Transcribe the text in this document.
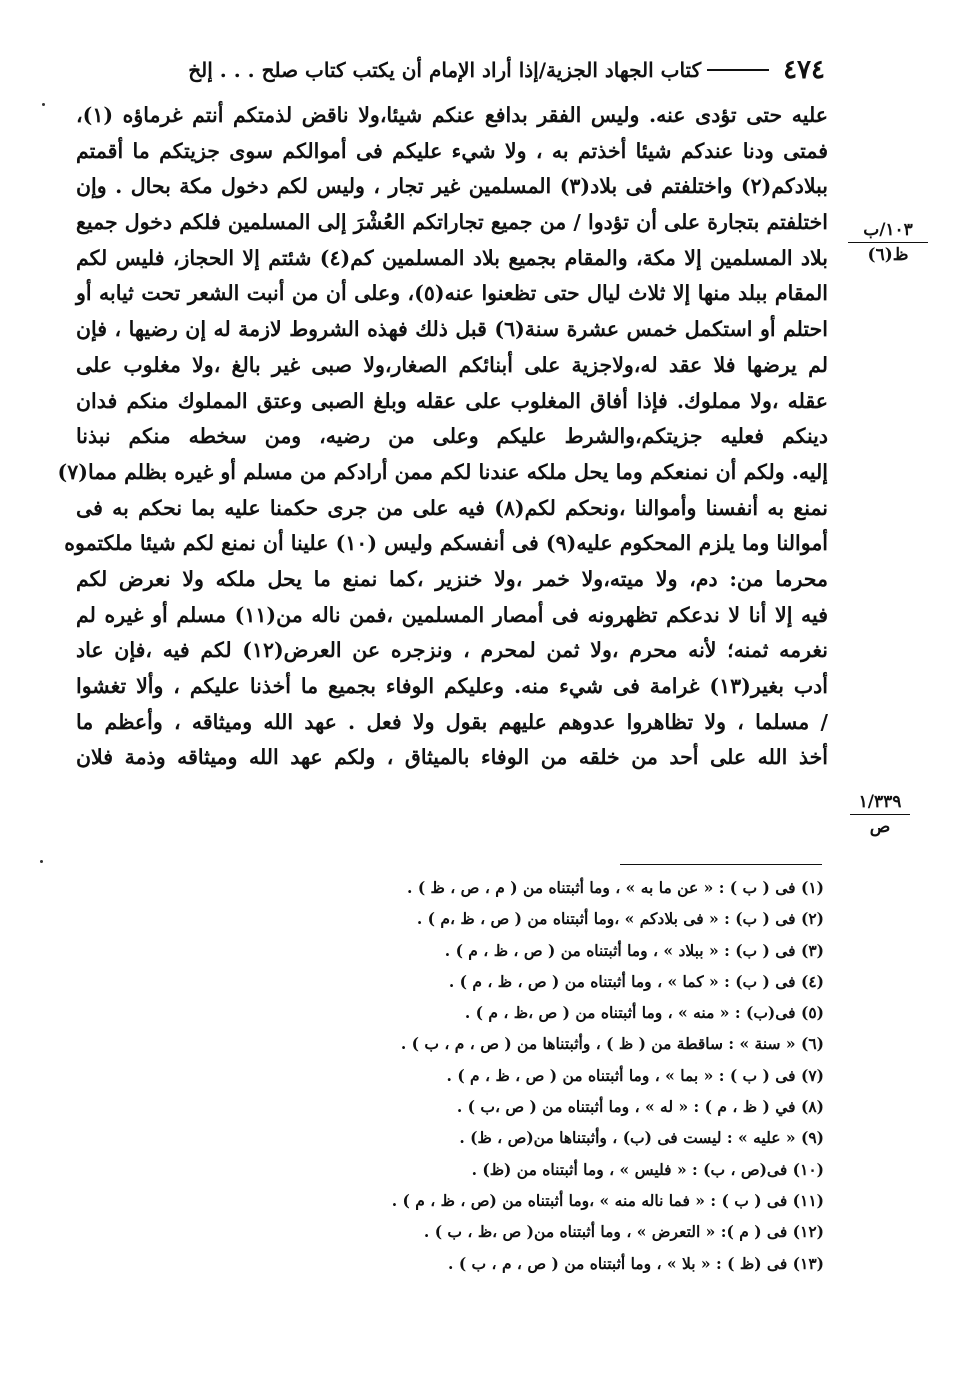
٤٧٤
كتاب الجهاد الجزية/إذا أراد الإمام أن يكتب كتاب صلح . . . إلخ
عليه حتى تؤدى عنه. وليس الفقر بدافع عنكم شيئا،ولا ناقض لذمتكم أنتم غرماؤه (١)،
فمتى ودنا عندكم شيئا أخذتم به ، ولا شيء عليكم فى أموالكم سوى جزيتكم ما أقمتم
ببلادكم(٢) واختلفتم فى بلاد(٣) المسلمين غير تجار ، وليس لكم دخول مكة بحال . وإن
اختلفتم بتجارة على أن تؤدوا / من جميع تجاراتكم العُشْرَ إلى المسلمين فلكم دخول جميع
بلاد المسلمين إلا مكة، والمقام بجميع بلاد المسلمين كم(٤) شئتم إلا الحجاز، فليس لكم
المقام ببلد منها إلا ثلاث ليال حتى تظعنوا عنه(٥)، وعلى أن من أنبت الشعر تحت ثيابه أو
احتلم أو استكمل خمس عشرة سنة(٦) قبل ذلك فهذه الشروط لازمة له إن رضيها ، فإن
لم يرضها فلا عقد له،ولاجزية على أبنائكم الصغار،ولا صبى غير بالغ ،ولا مغلوب على
عقله ،ولا مملوك. فإذا أفاق المغلوب على عقله وبلغ الصبى وعتق المملوك منكم فدان
دينكم فعليه جزيتكم،والشرط عليكم وعلى من رضيه، ومن سخطه منكم نبذنا
إليه. ولكم أن نمنعكم وما يحل ملكه عندنا لكم ممن أرادكم من مسلم أو غيره بظلم مما(٧)
نمنع به أنفسنا وأموالنا ،ونحكم لكم(٨) فيه على من جرى حكمنا عليه بما نحكم به فى
أموالنا وما يلزم المحكوم عليه(٩) فى أنفسكم وليس (١٠) علينا أن نمنع لكم شيئا ملكتموه
محرما من: دم، ولا ميته،ولا خمر ،ولا خنزير ،كما نمنع ما يحل ملكه ولا نعرض لكم
فيه إلا أنا لا ندعكم تظهرونه فى أمصار المسلمين ،فمن ناله من(١١) مسلم أو غيره لم
نغرمه ثمنه؛ لأنه محرم ،ولا ثمن لمحرم ، ونزجره عن العرض(١٢) لكم فيه ،فإن عاد
أدب بغير(١٣) غرامة فى شيء منه. وعليكم الوفاء بجميع ما أخذنا عليكم ، وألا تغشوا
/ مسلما ، ولا تظاهروا عدوهم عليهم بقول ولا فعل . عهد الله وميثاقه ، وأعظم ما
أخذ الله على أحد من خلقه من الوفاء بالميثاق ، ولكم عهد الله وميثاقه وذمة فلان
١٠٣/ب
ظ(٦)
١/٣٣٩
ص
(١) فى ( ب ) : « عن ما به » ، وما أثبتناه من ( م ، ص ، ظ ) .
(٢) فى ( ب) : « فى بلادكم » ،وما أثبتناه من ( ص ، ظ ،م ) .
(٣) فى ( ب) : « ببلاد » ، وما أثبتناه من ( ص ، ظ ، م ) .
(٤) فى ( ب) : « كما » ، وما أثبتناه من ( ص ، ظ ، م ) .
(٥) فى(ب) : « منه » ، وما أثبتناه من ( ص ،ظ ، م ) .
(٦) « سنة » : ساقطة من ( ظ ) ، وأثبتناها من ( ص ، م ، ب ) .
(٧) فى ( ب ) : « بما » ، وما أثبتناه من ( ص ، ظ ، م ) .
(٨) في ( ظ ، م ) : « له » ، وما أثبتناه من ( ص ،ب ) .
(٩) « عليه » : ليست فى (ب) ، وأثبتناها من(ص ، ظ) .
(١٠) فى(ص ، ب) : « فليس » ، وما أثبتناه من (ظ) .
(١١) فى ( ب ) : « فما ناله منه » ،وما أثبتناه من (ص ، ظ ، م ) .
(١٢) فى ( م ): « التعرض » ، وما أثبتناه من( ص ،ظ ، ب ) .
(١٣) فى (ظ ) : « بلا » ، وما أثبتناه من ( ص ، م ، ب ) .
